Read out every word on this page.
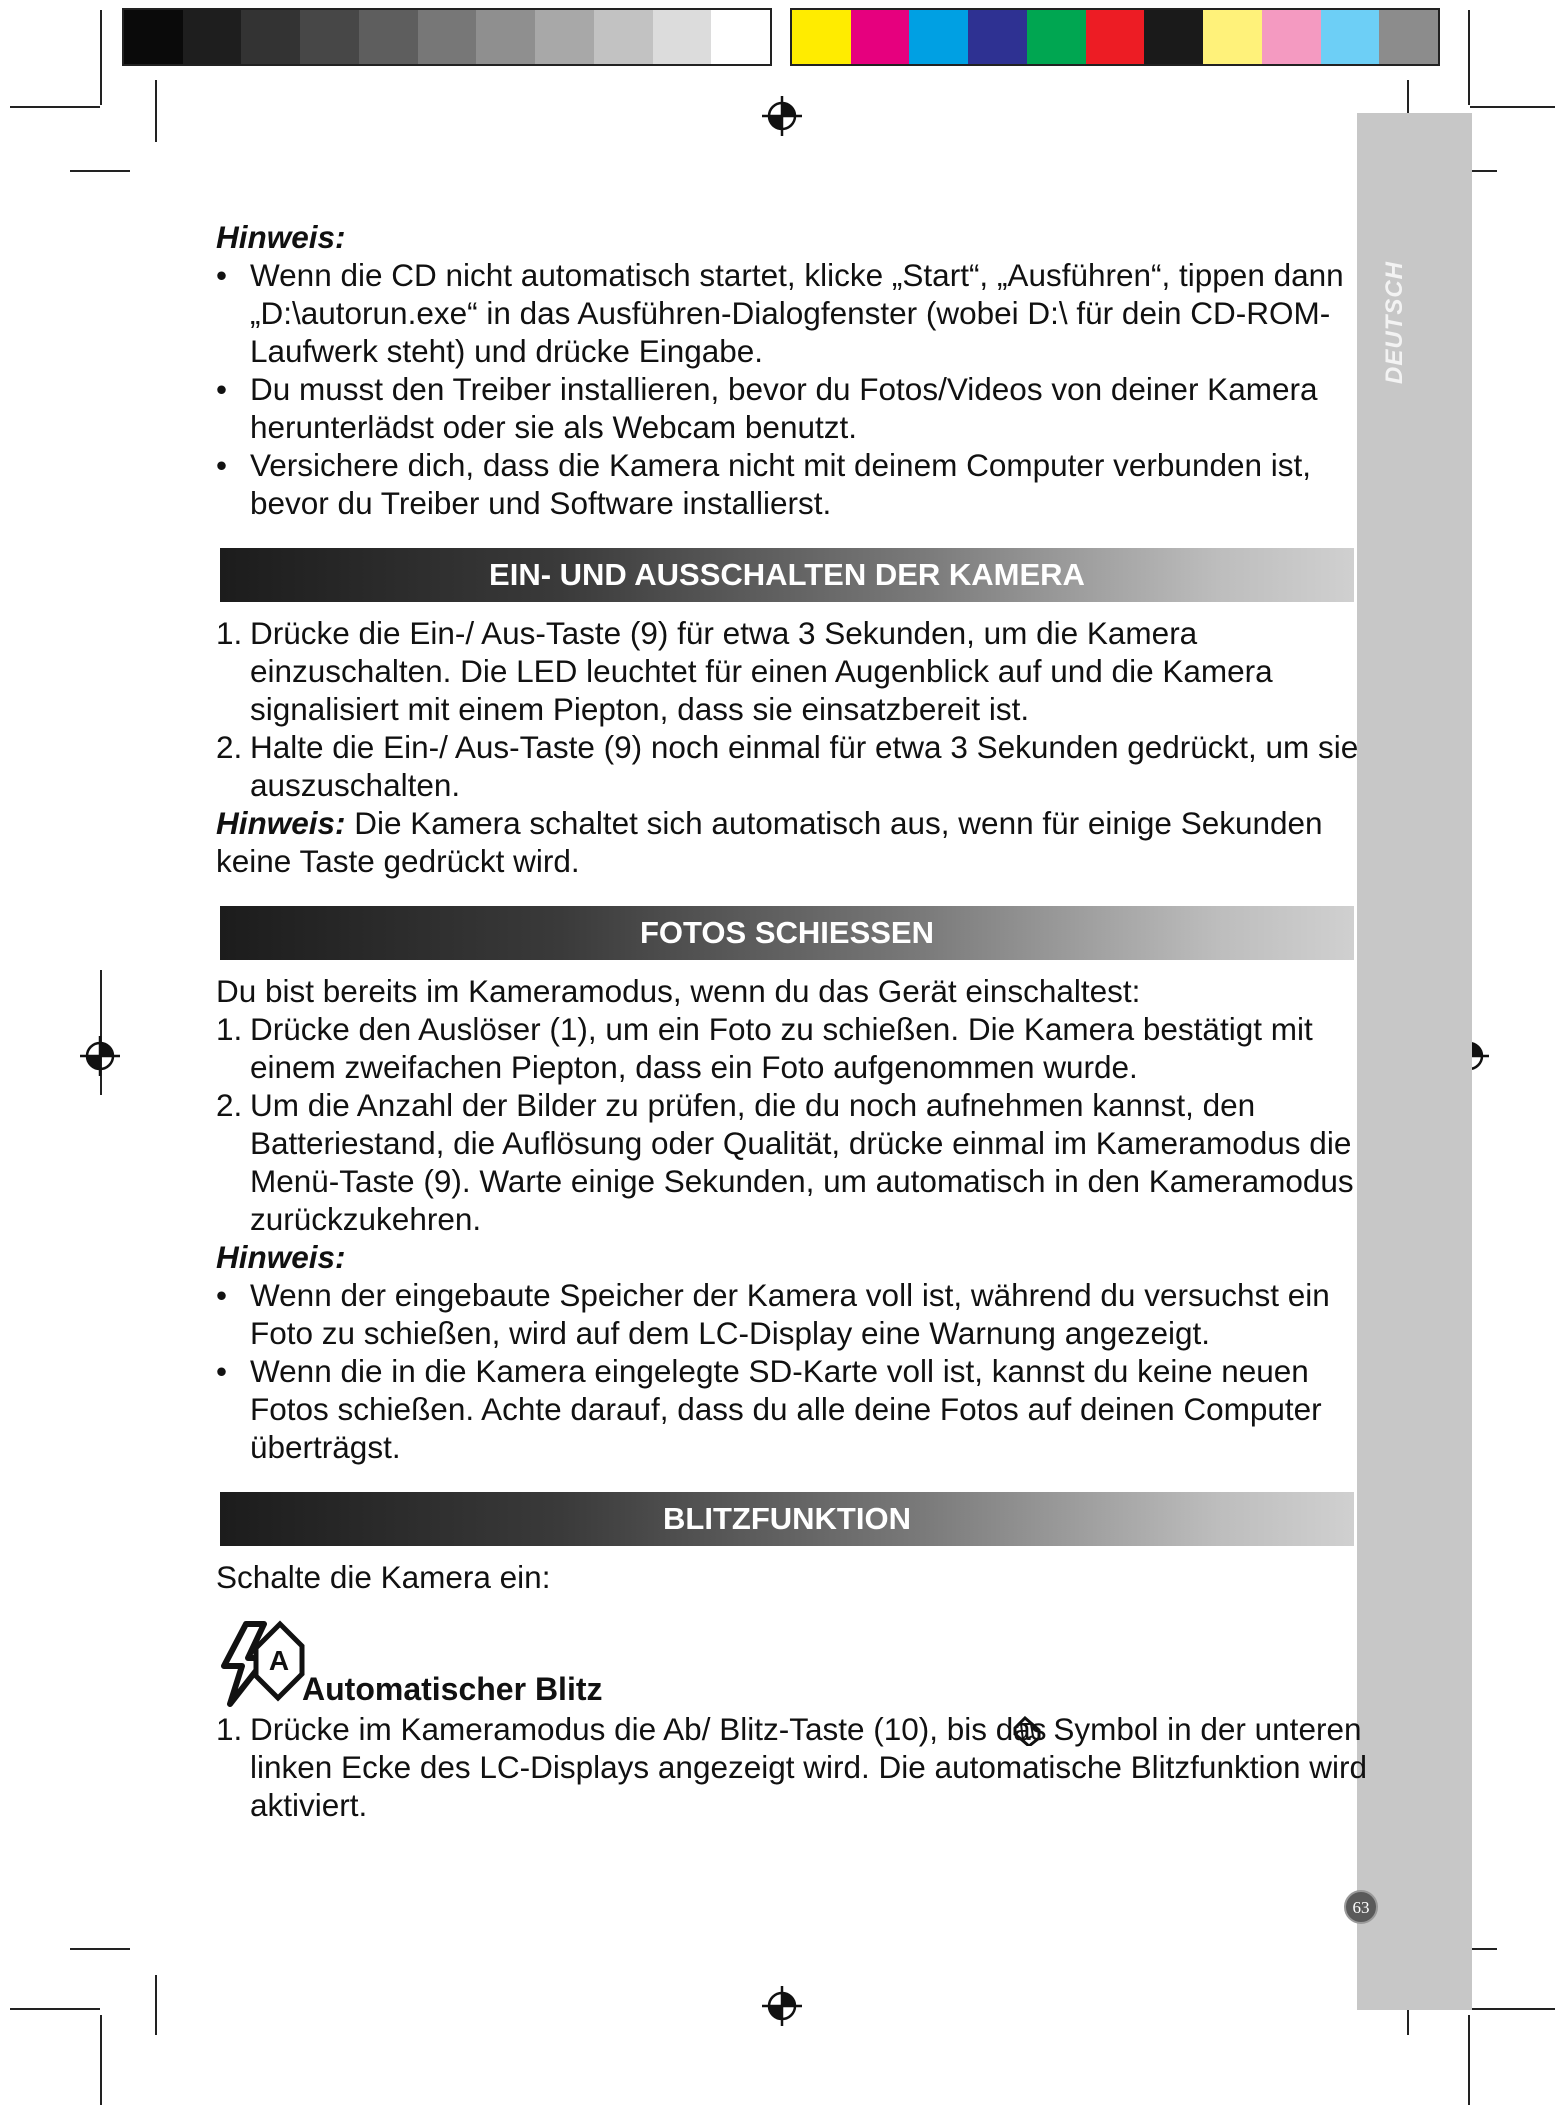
DEUTSCH

Hinweis:

• Wenn die CD nicht automatisch startet, klicke „Start“, „Ausführen“, tippen dann „D:\autorun.exe“ in das Ausführen-Dialogfenster (wobei D:\ für dein CD-ROM-Laufwerk steht) und drücke Eingabe.

• Du musst den Treiber installieren, bevor du Fotos/Videos von deiner Kamera herunterlädst oder sie als Webcam benutzt.

• Versichere dich, dass die Kamera nicht mit deinem Computer verbunden ist, bevor du Treiber und Software installierst.

EIN- UND AUSSCHALTEN DER KAMERA

1. Drücke die Ein-/ Aus-Taste (9) für etwa 3 Sekunden, um die Kamera einzuschalten. Die LED leuchtet für einen Augenblick auf und die Kamera signalisiert mit einem Piepton, dass sie einsatzbereit ist.

2. Halte die Ein-/ Aus-Taste (9) noch einmal für etwa 3 Sekunden gedrückt, um sie auszuschalten.

Hinweis: Die Kamera schaltet sich automatisch aus, wenn für einige Sekunden keine Taste gedrückt wird.

FOTOS SCHIESSEN

Du bist bereits im Kameramodus, wenn du das Gerät einschaltest:

1. Drücke den Auslöser (1), um ein Foto zu schießen. Die Kamera bestätigt mit einem zweifachen Piepton, dass ein Foto aufgenommen wurde.

2. Um die Anzahl der Bilder zu prüfen, die du noch aufnehmen kannst, den Batteriestand, die Auflösung oder Qualität, drücke einmal im Kameramodus die Menü-Taste (9). Warte einige Sekunden, um automatisch in den Kameramodus zurückzukehren.

Hinweis:

• Wenn der eingebaute Speicher der Kamera voll ist, während du versuchst ein Foto zu schießen, wird auf dem LC-Display eine Warnung angezeigt.

• Wenn die in die Kamera eingelegte SD-Karte voll ist, kannst du keine neuen Fotos schießen. Achte darauf, dass du alle deine Fotos auf deinen Computer überträgst.

BLITZFUNKTION

Schalte die Kamera ein:

A
Automatischer Blitz

1. Drücke im Kameramodus die Ab/ Blitz-Taste (10), bis das Symbol in der unteren linken Ecke des LC-Displays angezeigt wird. Die automatische Blitzfunktion wird aktiviert.

63
